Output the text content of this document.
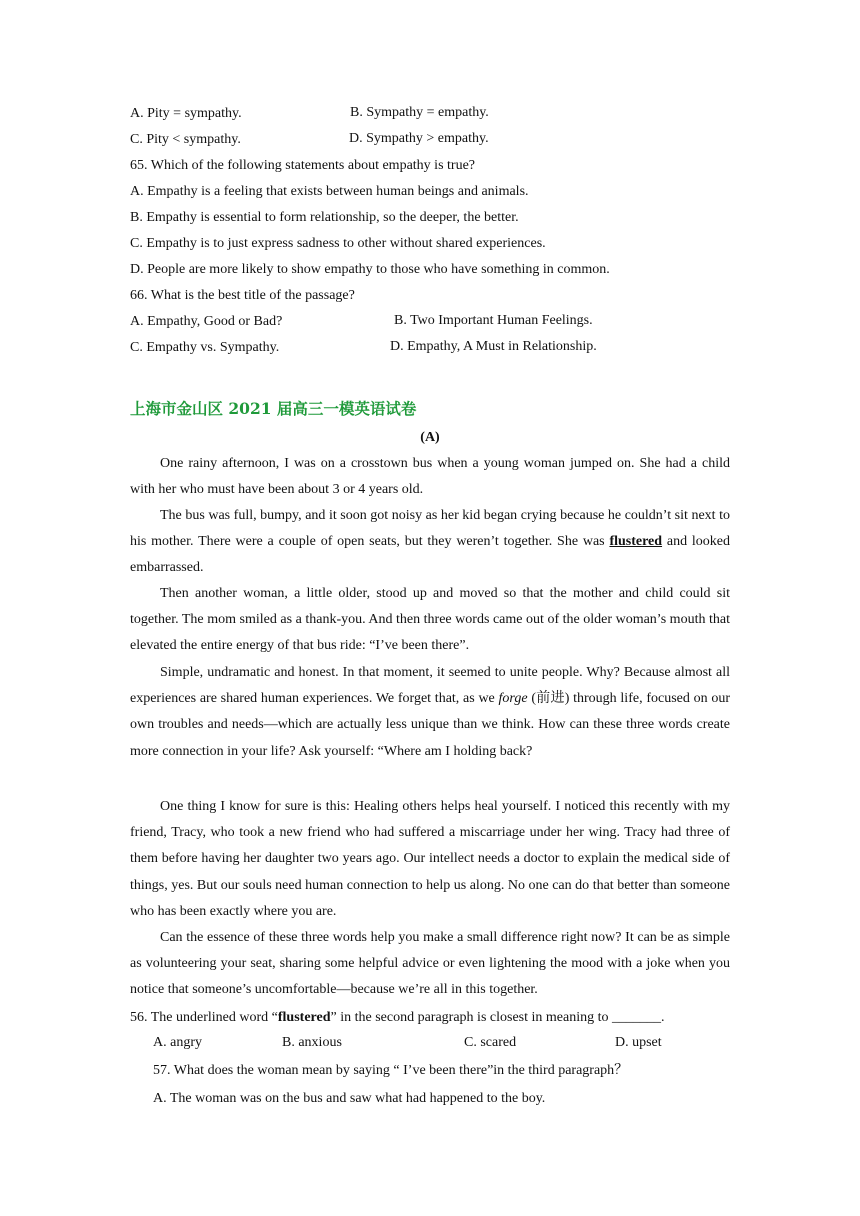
A. Pity = sympathy.	B. Sympathy = empathy.
C. Pity < sympathy.	D. Sympathy > empathy.
65. Which of the following statements about empathy is true?
A. Empathy is a feeling that exists between human beings and animals.
B. Empathy is essential to form relationship, so the deeper, the better.
C. Empathy is to just express sadness to other without shared experiences.
D. People are more likely to show empathy to those who have something in common.
66. What is the best title of the passage?
A. Empathy, Good or Bad?	B. Two Important Human Feelings.
C. Empathy vs. Sympathy.	D. Empathy, A Must in Relationship.
上海市金山区 2021 届高三一模英语试卷
(A)

One rainy afternoon, I was on a crosstown bus when a young woman jumped on. She had a child with her who must have been about 3 or 4 years old.

The bus was full, bumpy, and it soon got noisy as her kid began crying because he couldn’t sit next to his mother. There were a couple of open seats, but they weren’t together. She was flustered and looked embarrassed.

Then another woman, a little older, stood up and moved so that the mother and child could sit together. The mom smiled as a thank-you. And then three words came out of the older woman’s mouth that elevated the entire energy of that bus ride: “I’ve been there”.

Simple, undramatic and honest. In that moment, it seemed to unite people. Why? Because almost all experiences are shared human experiences. We forget that, as we forge (前进) through life, focused on our own troubles and needs—which are actually less unique than we think. How can these three words create more connection in your life? Ask yourself: “Where am I holding back?

One thing I know for sure is this: Healing others helps heal yourself. I noticed this recently with my friend, Tracy, who took a new friend who had suffered a miscarriage under her wing. Tracy had three of them before having her daughter two years ago. Our intellect needs a doctor to explain the medical side of things, yes. But our souls need human connection to help us along. No one can do that better than someone who has been exactly where you are.

Can the essence of these three words help you make a small difference right now? It can be as simple as volunteering your seat, sharing some helpful advice or even lightening the mood with a joke when you notice that someone’s uncomfortable—because we’re all in this together.

56. The underlined word “flustered” in the second paragraph is closest in meaning to _______.
A. angry	B. anxious	C. scared	D. upset
57. What does the woman mean by saying “ I’ve been there”in the third paragraph？
A. The woman was on the bus and saw what had happened to the boy.
